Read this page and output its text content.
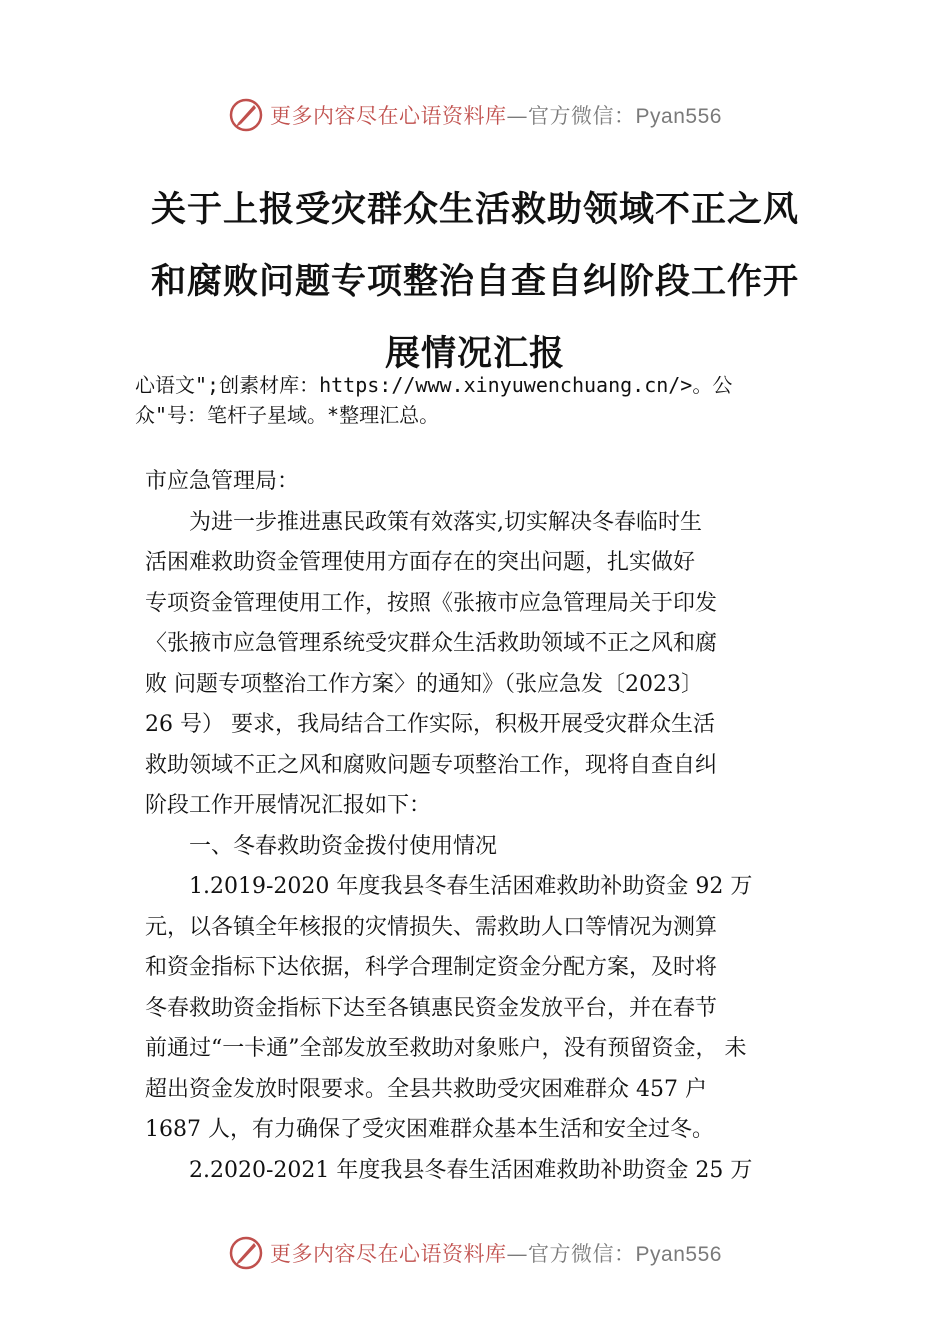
更多内容尽在心语资料库—官方微信：Pyan556
关于上报受灾群众生活救助领域不正之风
和腐败问题专项整治自查自纠阶段工作开
展情况汇报
心语文";创素材库：https://www.xinyuwenchuang.cn/>。公
众"号：笔杆子星域。*整理汇总。
市应急管理局：
为进一步推进惠民政策有效落实,切实解决冬春临时生
活困难救助资金管理使用方面存在的突出问题，扎实做好
专项资金管理使用工作，按照《张掖市应急管理局关于印发
〈张掖市应急管理系统受灾群众生活救助领域不正之风和腐
败 问题专项整治工作方案〉的通知》（张应急发〔2023〕
26 号） 要求，我局结合工作实际，积极开展受灾群众生活
救助领域不正之风和腐败问题专项整治工作，现将自查自纠
阶段工作开展情况汇报如下：
一、冬春救助资金拨付使用情况
1.2019-2020 年度我县冬春生活困难救助补助资金 92 万
元，以各镇全年核报的灾情损失、需救助人口等情况为测算
和资金指标下达依据，科学合理制定资金分配方案，及时将
冬春救助资金指标下达至各镇惠民资金发放平台，并在春节
前通过“一卡通”全部发放至救助对象账户，没有预留资金， 未
超出资金发放时限要求。全县共救助受灾困难群众 457 户
1687 人，有力确保了受灾困难群众基本生活和安全过冬。
2.2020-2021 年度我县冬春生活困难救助补助资金 25 万
更多内容尽在心语资料库—官方微信：Pyan556
